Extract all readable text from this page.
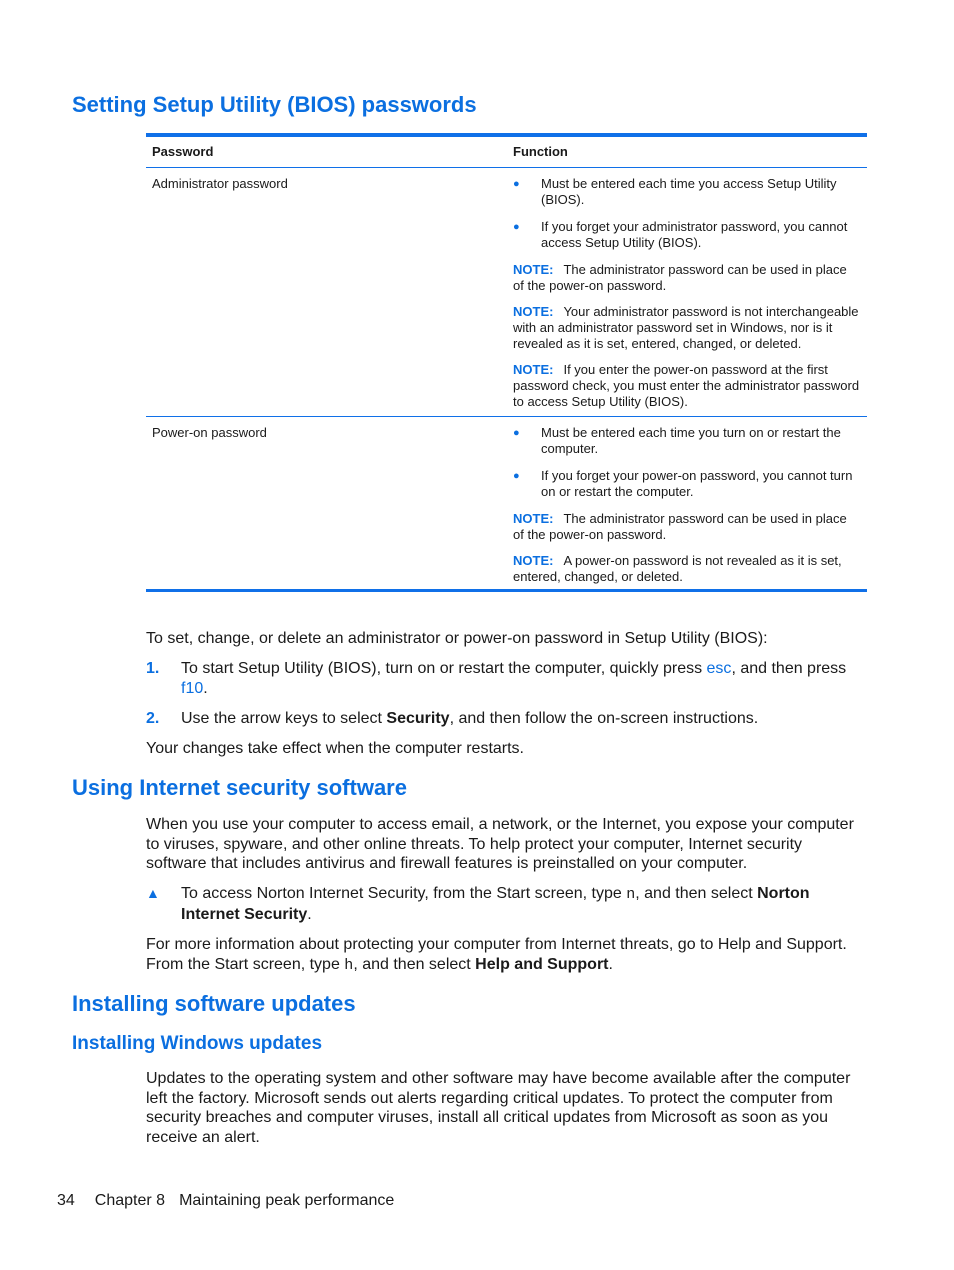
Setting Setup Utility (BIOS) passwords
Password	Function
Administrator password	●	Must be entered each time you access Setup Utility (BIOS).
●	If you forget your administrator password, you cannot access Setup Utility (BIOS).
NOTE: The administrator password can be used in place of the power-on password.
NOTE: Your administrator password is not interchangeable with an administrator password set in Windows, nor is it revealed as it is set, entered, changed, or deleted.
NOTE: If you enter the power-on password at the first password check, you must enter the administrator password to access Setup Utility (BIOS).
Power-on password	●	Must be entered each time you turn on or restart the computer.
●	If you forget your power-on password, you cannot turn on or restart the computer.
NOTE: The administrator password can be used in place of the power-on password.
NOTE: A power-on password is not revealed as it is set, entered, changed, or deleted.
To set, change, or delete an administrator or power-on password in Setup Utility (BIOS):
1.	To start Setup Utility (BIOS), turn on or restart the computer, quickly press esc, and then press f10.
2.	Use the arrow keys to select Security, and then follow the on-screen instructions.
Your changes take effect when the computer restarts.
Using Internet security software
When you use your computer to access email, a network, or the Internet, you expose your computer to viruses, spyware, and other online threats. To help protect your computer, Internet security software that includes antivirus and firewall features is preinstalled on your computer.
▲	To access Norton Internet Security, from the Start screen, type n, and then select Norton Internet Security.
For more information about protecting your computer from Internet threats, go to Help and Support. From the Start screen, type h, and then select Help and Support.
Installing software updates
Installing Windows updates
Updates to the operating system and other software may have become available after the computer left the factory. Microsoft sends out alerts regarding critical updates. To protect the computer from security breaches and computer viruses, install all critical updates from Microsoft as soon as you receive an alert.
34 Chapter 8 Maintaining peak performance
